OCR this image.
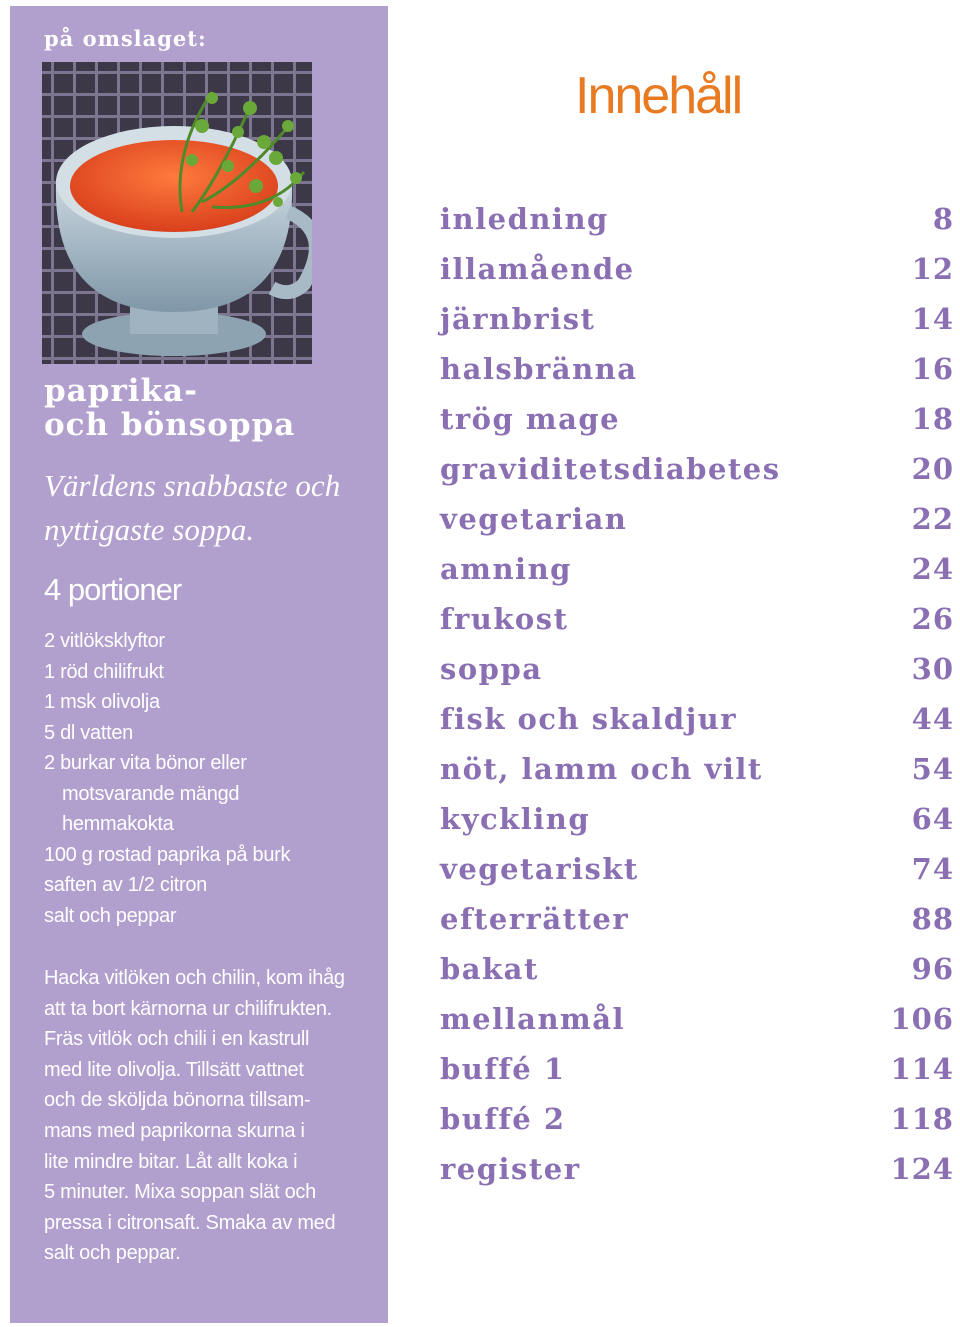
på omslaget:
paprika-
och bönsoppa
Världens snabbaste och
nyttigaste soppa.
4 portioner
2 vitlöksklyftor
1 röd chilifrukt
1 msk olivolja
5 dl vatten
2 burkar vita bönor eller
motsvarande mängd
hemmakokta
100 g rostad paprika på burk
saften av 1/2 citron
salt och peppar
Hacka vitlöken och chilin, kom ihåg
att ta bort kärnorna ur chilifrukten.
Fräs vitlök och chili i en kastrull
med lite olivolja. Tillsätt vattnet
och de sköljda bönorna tillsam-
mans med paprikorna skurna i
lite mindre bitar. Låt allt koka i
5 minuter. Mixa soppan slät och
pressa i citronsaft. Smaka av med
salt och peppar.
Innehåll
inledning	8
illamående	12
järnbrist	14
halsbränna	16
trög mage	18
graviditetsdiabetes	20
vegetarian	22
amning	24
frukost	26
soppa	30
fisk och skaldjur	44
nöt, lamm och vilt	54
kyckling	64
vegetariskt	74
efterrätter	88
bakat	96
mellanmål	106
buffé 1	114
buffé 2	118
register	124
